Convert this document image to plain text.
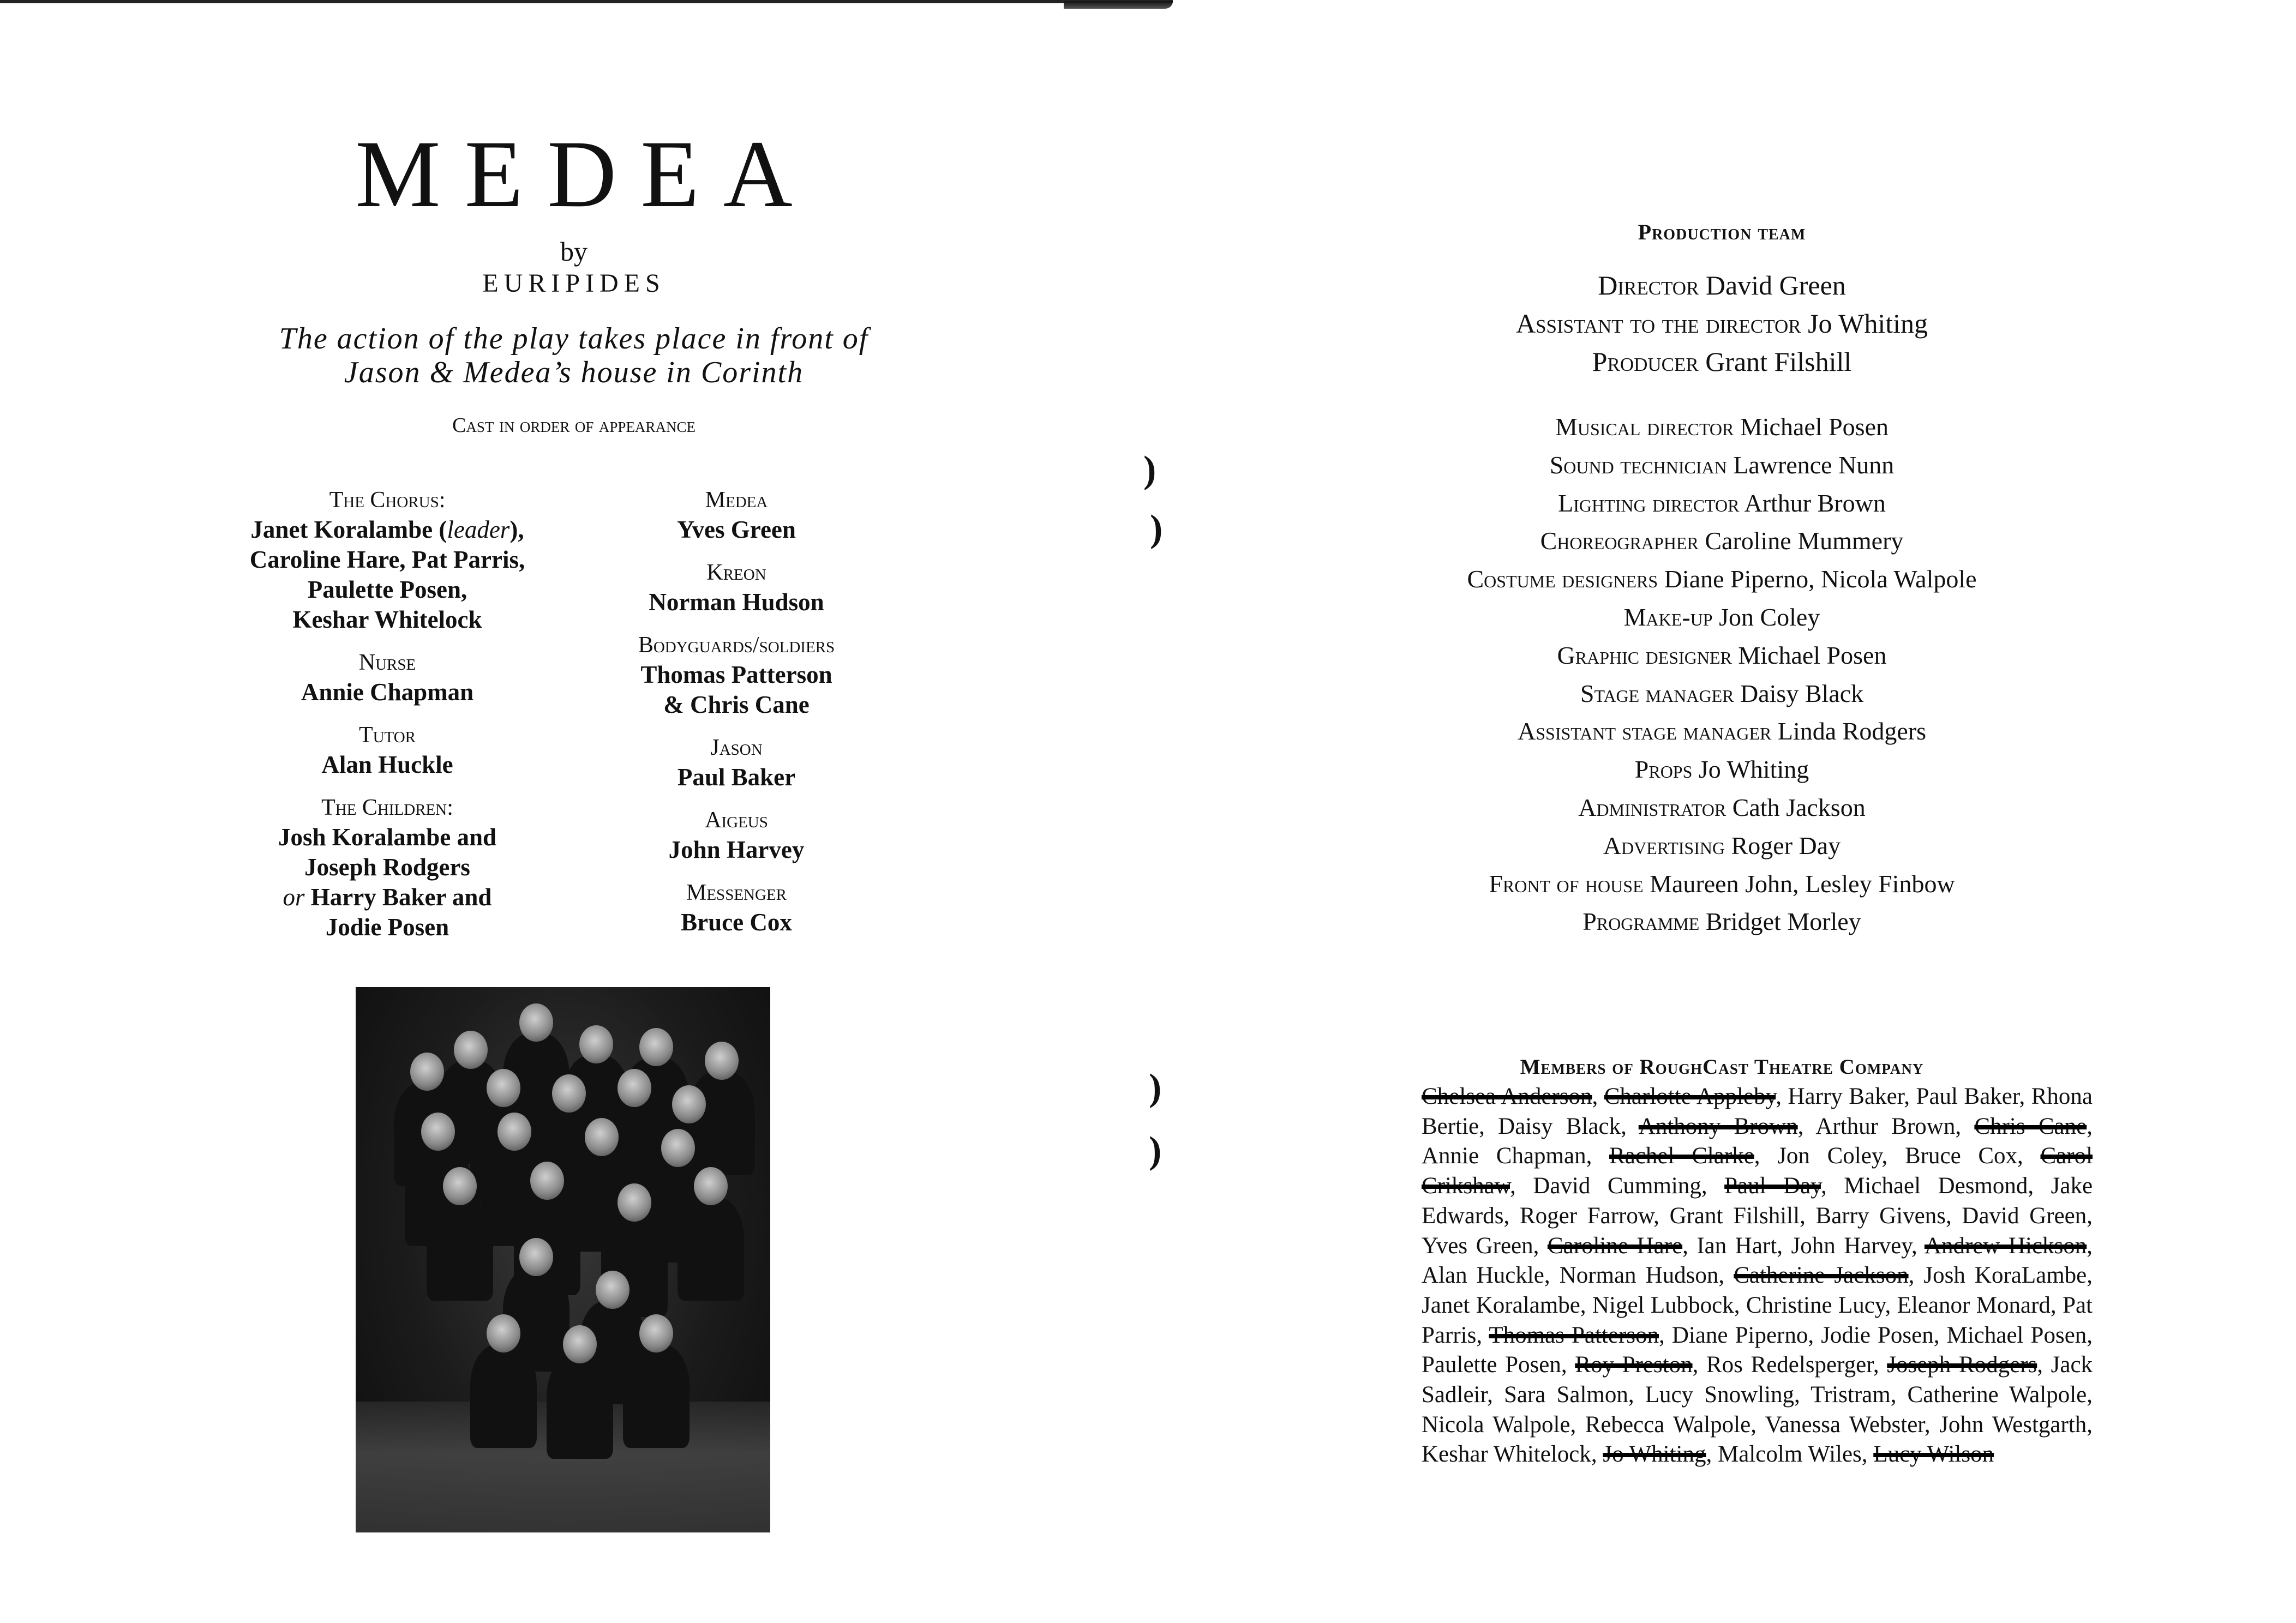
MEDEA
by
EURIPIDES
The action of the play takes place in front of
Jason & Medea’s house in Corinth
Cast in order of appearance
The Chorus:
Janet Koralambe (leader),
Caroline Hare, Pat Parris,
Paulette Posen,
Keshar Whitelock
Nurse
Annie Chapman
Tutor
Alan Huckle
The Children:
Josh Koralambe and
Joseph Rodgers
or Harry Baker and
Jodie Posen
Medea
Yves Green
Kreon
Norman Hudson
Bodyguards/soldiers
Thomas Patterson
& Chris Cane
Jason
Paul Baker
Aigeus
John Harvey
Messenger
Bruce Cox
)
)
)
)
Production team
Director David Green
Assistant to the director Jo Whiting
Producer Grant Filshill
Musical director Michael Posen
Sound technician Lawrence Nunn
Lighting director Arthur Brown
Choreographer Caroline Mummery
Costume designers Diane Piperno, Nicola Walpole
Make-up Jon Coley
Graphic designer Michael Posen
Stage manager Daisy Black
Assistant stage manager Linda Rodgers
Props Jo Whiting
Administrator Cath Jackson
Advertising Roger Day
Front of house Maureen John, Lesley Finbow
Programme Bridget Morley
Members of RoughCast Theatre Company
Chelsea Anderson, Charlotte Appleby, Harry Baker, Paul Baker, Rhona Bertie, Daisy Black, Anthony Brown, Arthur Brown, Chris Cane, Annie Chapman, Rachel Clarke, Jon Coley, Bruce Cox, Carol Crikshaw, David Cumming, Paul Day, Michael Desmond, Jake Edwards, Roger Farrow, Grant Filshill, Barry Givens, David Green, Yves Green, Caroline Hare, Ian Hart, John Harvey, Andrew Hickson, Alan Huckle, Norman Hudson, Catherine Jackson, Josh KoraLambe, Janet Koralambe, Nigel Lubbock, Christine Lucy, Eleanor Monard, Pat Parris, Thomas Patterson, Diane Piperno, Jodie Posen, Michael Posen, Paulette Posen, Roy Preston, Ros Redelsperger, Joseph Rodgers, Jack Sadleir, Sara Salmon, Lucy Snowling, Tristram, Catherine Walpole, Nicola Walpole, Rebecca Walpole, Vanessa Webster, John Westgarth, Keshar Whitelock, Jo Whiting, Malcolm Wiles, Lucy Wilson
